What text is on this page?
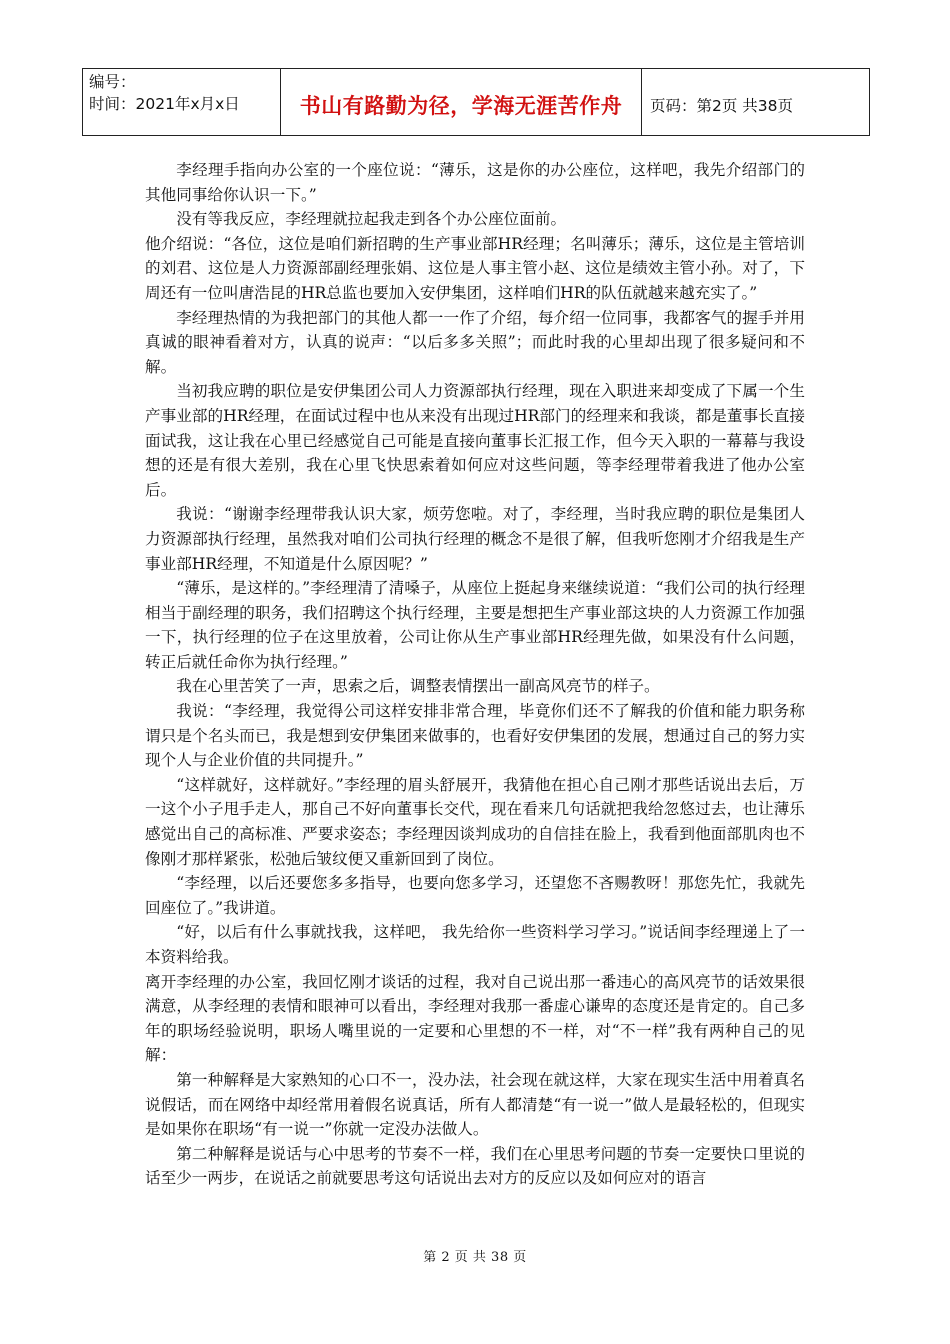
编号：
时间：2021年x月x日	书山有路勤为径，学海无涯苦作舟	页码：第2页 共38页

李经理手指向办公室的一个座位说：“薄乐，这是你的办公座位，这样吧，我先介绍部门的其他同事给你认识一下。”

没有等我反应，李经理就拉起我走到各个办公座位面前。

他介绍说：“各位，这位是咱们新招聘的生产事业部HR经理；名叫薄乐；薄乐，这位是主管培训的刘君、这位是人力资源部副经理张娟、这位是人事主管小赵、这位是绩效主管小孙。对了，下周还有一位叫唐浩昆的HR总监也要加入安伊集团，这样咱们HR的队伍就越来越充实了。”

李经理热情的为我把部门的其他人都一一作了介绍，每介绍一位同事，我都客气的握手并用真诚的眼神看着对方，认真的说声：“以后多多关照”；而此时我的心里却出现了很多疑问和不解。

当初我应聘的职位是安伊集团公司人力资源部执行经理，现在入职进来却变成了下属一个生产事业部的HR经理，在面试过程中也从来没有出现过HR部门的经理来和我谈，都是董事长直接面试我，这让我在心里已经感觉自己可能是直接向董事长汇报工作，但今天入职的一幕幕与我设想的还是有很大差别，我在心里飞快思索着如何应对这些问题，等李经理带着我进了他办公室后。

我说：“谢谢李经理带我认识大家，烦劳您啦。对了，李经理，当时我应聘的职位是集团人力资源部执行经理，虽然我对咱们公司执行经理的概念不是很了解，但我听您刚才介绍我是生产事业部HR经理，不知道是什么原因呢？”

“薄乐，是这样的。”李经理清了清嗓子，从座位上挺起身来继续说道：“我们公司的执行经理相当于副经理的职务，我们招聘这个执行经理，主要是想把生产事业部这块的人力资源工作加强一下，执行经理的位子在这里放着，公司让你从生产事业部HR经理先做，如果没有什么问题，转正后就任命你为执行经理。”

我在心里苦笑了一声，思索之后，调整表情摆出一副高风亮节的样子。

我说：“李经理，我觉得公司这样安排非常合理，毕竟你们还不了解我的价值和能力职务称谓只是个名头而已，我是想到安伊集团来做事的，也看好安伊集团的发展，想通过自己的努力实现个人与企业价值的共同提升。”

“这样就好，这样就好。”李经理的眉头舒展开，我猜他在担心自己刚才那些话说出去后，万一这个小子甩手走人，那自己不好向董事长交代，现在看来几句话就把我给忽悠过去，也让薄乐感觉出自己的高标准、严要求姿态；李经理因谈判成功的自信挂在脸上，我看到他面部肌肉也不像刚才那样紧张，松弛后皱纹便又重新回到了岗位。

“李经理，以后还要您多多指导，也要向您多学习，还望您不吝赐教呀！那您先忙，我就先回座位了。”我讲道。

“好，以后有什么事就找我，这样吧， 我先给你一些资料学习学习。”说话间李经理递上了一本资料给我。

离开李经理的办公室，我回忆刚才谈话的过程，我对自己说出那一番违心的高风亮节的话效果很满意，从李经理的表情和眼神可以看出，李经理对我那一番虚心谦卑的态度还是肯定的。自己多年的职场经验说明，职场人嘴里说的一定要和心里想的不一样，对“不一样”我有两种自己的见解：

第一种解释是大家熟知的心口不一，没办法，社会现在就这样，大家在现实生活中用着真名说假话，而在网络中却经常用着假名说真话，所有人都清楚“有一说一”做人是最轻松的，但现实是如果你在职场“有一说一”你就一定没办法做人。

第二种解释是说话与心中思考的节奏不一样，我们在心里思考问题的节奏一定要快口里说的话至少一两步，在说话之前就要思考这句话说出去对方的反应以及如何应对的语言

第 2 页 共 38 页
